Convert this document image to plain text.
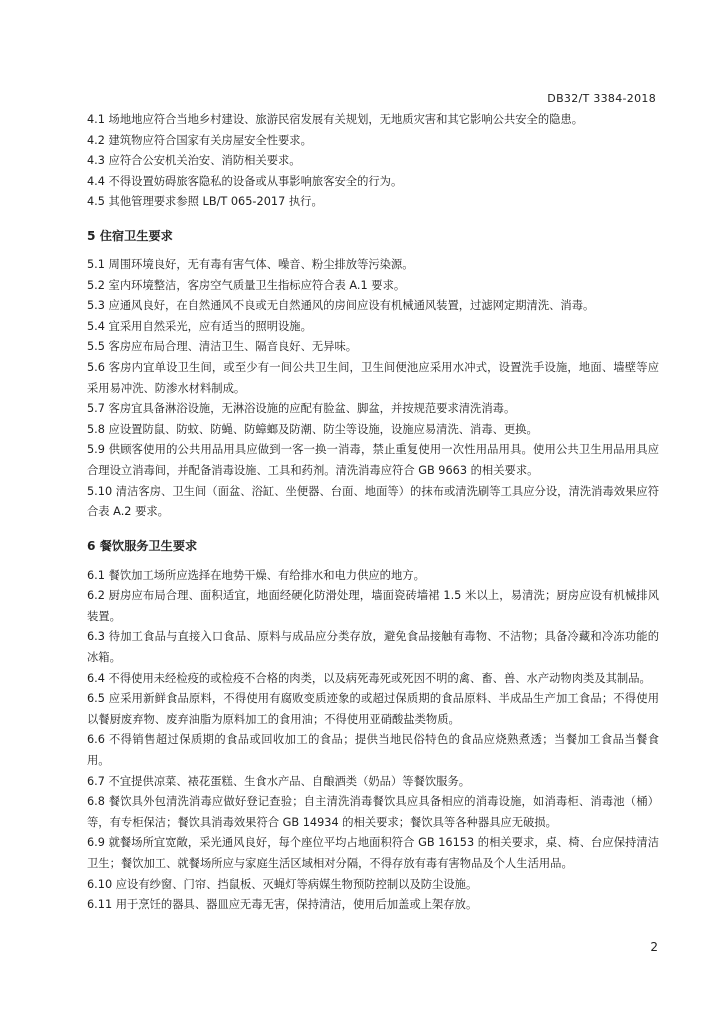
DB32/T 3384-2018

4.1 场地地应符合当地乡村建设、旅游民宿发展有关规划，无地质灾害和其它影响公共安全的隐患。

4.2 建筑物应符合国家有关房屋安全性要求。

4.3 应符合公安机关治安、消防相关要求。

4.4 不得设置妨碍旅客隐私的设备或从事影响旅客安全的行为。

4.5 其他管理要求参照 LB/T 065-2017 执行。

5 住宿卫生要求

5.1 周围环境良好，无有毒有害气体、噪音、粉尘排放等污染源。

5.2 室内环境整洁，客房空气质量卫生指标应符合表 A.1 要求。

5.3 应通风良好，在自然通风不良或无自然通风的房间应设有机械通风装置，过滤网定期清洗、消毒。

5.4 宜采用自然采光，应有适当的照明设施。

5.5 客房应布局合理、清洁卫生、隔音良好、无异味。

5.6 客房内宜单设卫生间，或至少有一间公共卫生间，卫生间便池应采用水冲式，设置洗手设施，地面、墙壁等应采用易冲洗、防渗水材料制成。

5.7 客房宜具备淋浴设施，无淋浴设施的应配有脸盆、脚盆，并按规范要求清洗消毒。

5.8 应设置防鼠、防蚊、防蝇、防蟑螂及防潮、防尘等设施，设施应易清洗、消毒、更换。

5.9 供顾客使用的公共用品用具应做到一客一换一消毒，禁止重复使用一次性用品用具。使用公共卫生用品用具应合理设立消毒间，并配备消毒设施、工具和药剂。清洗消毒应符合 GB 9663 的相关要求。

5.10 清洁客房、卫生间（面盆、浴缸、坐便器、台面、地面等）的抹布或清洗刷等工具应分设，清洗消毒效果应符合表 A.2 要求。

6 餐饮服务卫生要求

6.1 餐饮加工场所应选择在地势干燥、有给排水和电力供应的地方。

6.2 厨房应布局合理、面积适宜，地面经硬化防滑处理，墙面瓷砖墙裙 1.5 米以上，易清洗；厨房应设有机械排风装置。

6.3 待加工食品与直接入口食品、原料与成品应分类存放，避免食品接触有毒物、不洁物；具备冷藏和冷冻功能的冰箱。

6.4 不得使用未经检疫的或检疫不合格的肉类，以及病死毒死或死因不明的禽、畜、兽、水产动物肉类及其制品。

6.5 应采用新鲜食品原料，不得使用有腐败变质迹象的或超过保质期的食品原料、半成品生产加工食品；不得使用以餐厨废弃物、废弃油脂为原料加工的食用油；不得使用亚硝酸盐类物质。

6.6 不得销售超过保质期的食品或回收加工的食品；提供当地民俗特色的食品应烧熟煮透；当餐加工食品当餐食用。

6.7 不宜提供凉菜、裱花蛋糕、生食水产品、自酿酒类（奶品）等餐饮服务。

6.8 餐饮具外包清洗消毒应做好登记查验；自主清洗消毒餐饮具应具备相应的消毒设施，如消毒柜、消毒池（桶）等，有专柜保洁；餐饮具消毒效果符合 GB 14934 的相关要求；餐饮具等各种器具应无破损。

6.9 就餐场所宜宽敞，采光通风良好，每个座位平均占地面积符合 GB 16153 的相关要求，桌、椅、台应保持清洁卫生；餐饮加工、就餐场所应与家庭生活区域相对分隔，不得存放有毒有害物品及个人生活用品。

6.10 应设有纱窗、门帘、挡鼠板、灭蝇灯等病媒生物预防控制以及防尘设施。

6.11 用于烹饪的器具、器皿应无毒无害，保持清洁，使用后加盖或上架存放。

2
